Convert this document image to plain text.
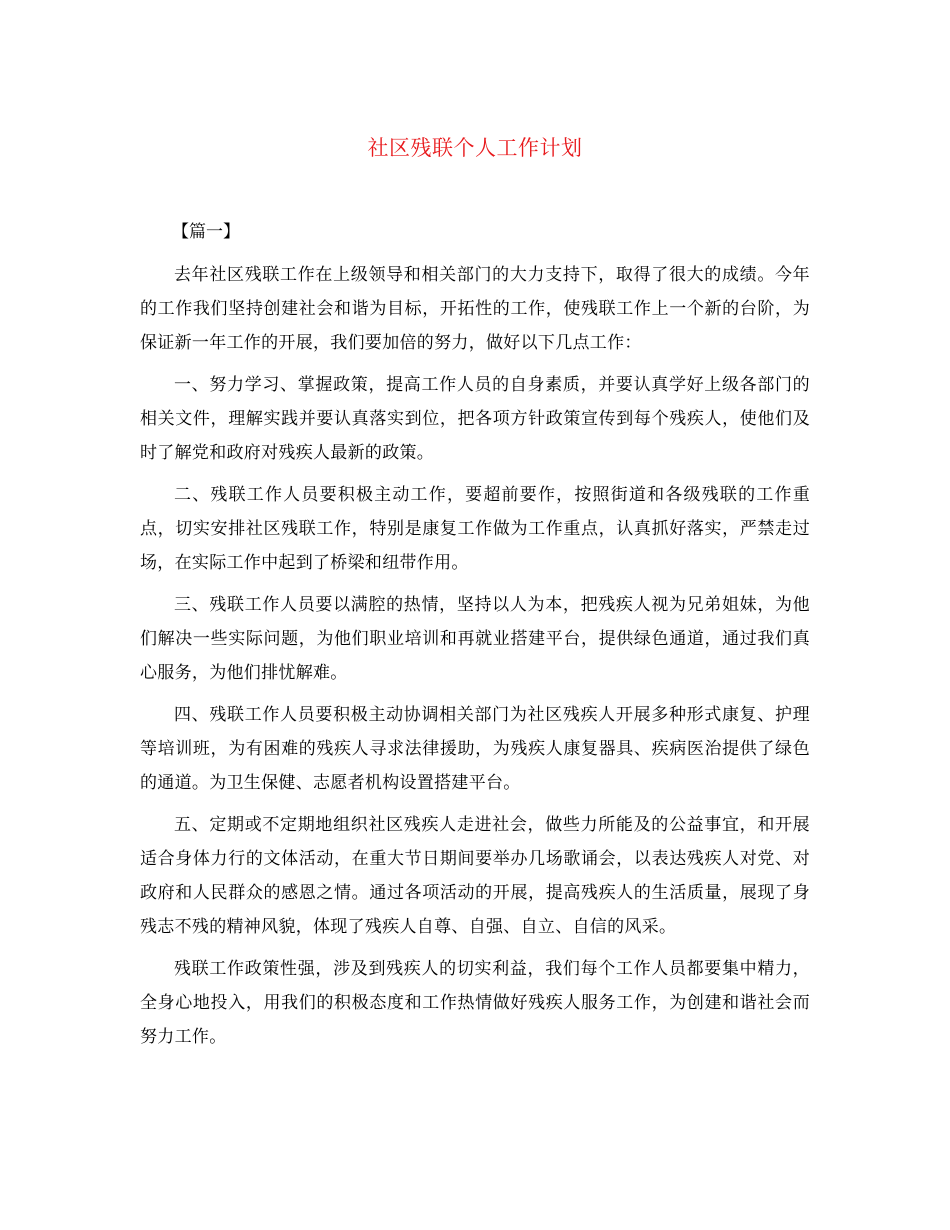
社区残联个人工作计划

【篇一】

去年社区残联工作在上级领导和相关部门的大力支持下，取得了很大的成绩。今年的工作我们坚持创建社会和谐为目标，开拓性的工作，使残联工作上一个新的台阶，为保证新一年工作的开展，我们要加倍的努力，做好以下几点工作：

一、努力学习、掌握政策，提高工作人员的自身素质，并要认真学好上级各部门的相关文件，理解实践并要认真落实到位，把各项方针政策宣传到每个残疾人，使他们及时了解党和政府对残疾人最新的政策。

二、残联工作人员要积极主动工作，要超前要作，按照街道和各级残联的工作重点，切实安排社区残联工作，特别是康复工作做为工作重点，认真抓好落实，严禁走过场，在实际工作中起到了桥梁和纽带作用。

三、残联工作人员要以满腔的热情，坚持以人为本，把残疾人视为兄弟姐妹，为他们解决一些实际问题，为他们职业培训和再就业搭建平台，提供绿色通道，通过我们真心服务，为他们排忧解难。

四、残联工作人员要积极主动协调相关部门为社区残疾人开展多种形式康复、护理等培训班，为有困难的残疾人寻求法律援助，为残疾人康复器具、疾病医治提供了绿色的通道。为卫生保健、志愿者机构设置搭建平台。

五、定期或不定期地组织社区残疾人走进社会，做些力所能及的公益事宜，和开展适合身体力行的文体活动，在重大节日期间要举办几场歌诵会，以表达残疾人对党、对政府和人民群众的感恩之情。通过各项活动的开展，提高残疾人的生活质量，展现了身残志不残的精神风貌，体现了残疾人自尊、自强、自立、自信的风采。

残联工作政策性强，涉及到残疾人的切实利益，我们每个工作人员都要集中精力，全身心地投入，用我们的积极态度和工作热情做好残疾人服务工作，为创建和谐社会而努力工作。
